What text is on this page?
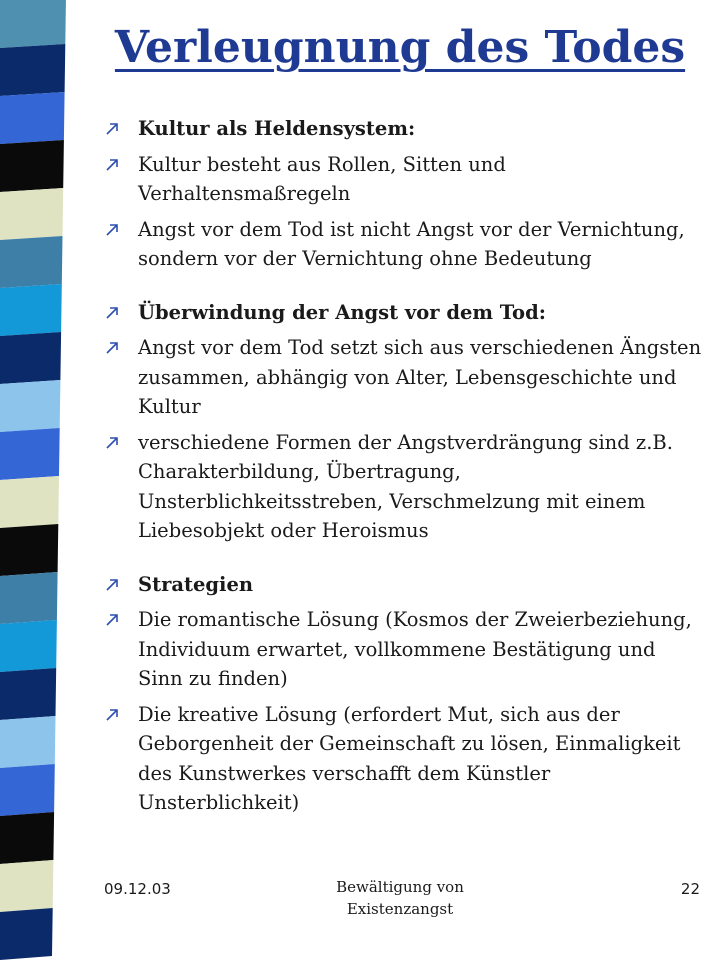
Verleugnung des Todes
Kultur als Heldensystem:
Kultur besteht aus Rollen, Sitten und Verhaltensmaßregeln
Angst vor dem Tod ist nicht Angst vor der Vernichtung, sondern vor der Vernichtung ohne Bedeutung
Überwindung der Angst vor dem Tod:
Angst vor dem Tod setzt sich aus verschiedenen Ängsten zusammen, abhängig von Alter, Lebensgeschichte und Kultur
verschiedene Formen der Angstverdrängung sind z.B. Charakterbildung, Übertragung, Unsterblichkeitsstreben, Verschmelzung mit einem Liebesobjekt oder Heroismus
Strategien
Die romantische Lösung (Kosmos der Zweierbeziehung, Individuum erwartet, vollkommene Bestätigung und Sinn zu finden)
Die kreative Lösung (erfordert Mut, sich aus der Geborgenheit der Gemeinschaft zu lösen, Einmaligkeit des Kunstwerkes verschafft dem Künstler Unsterblichkeit)
09.12.03	Bewältigung von Existenzangst
22
